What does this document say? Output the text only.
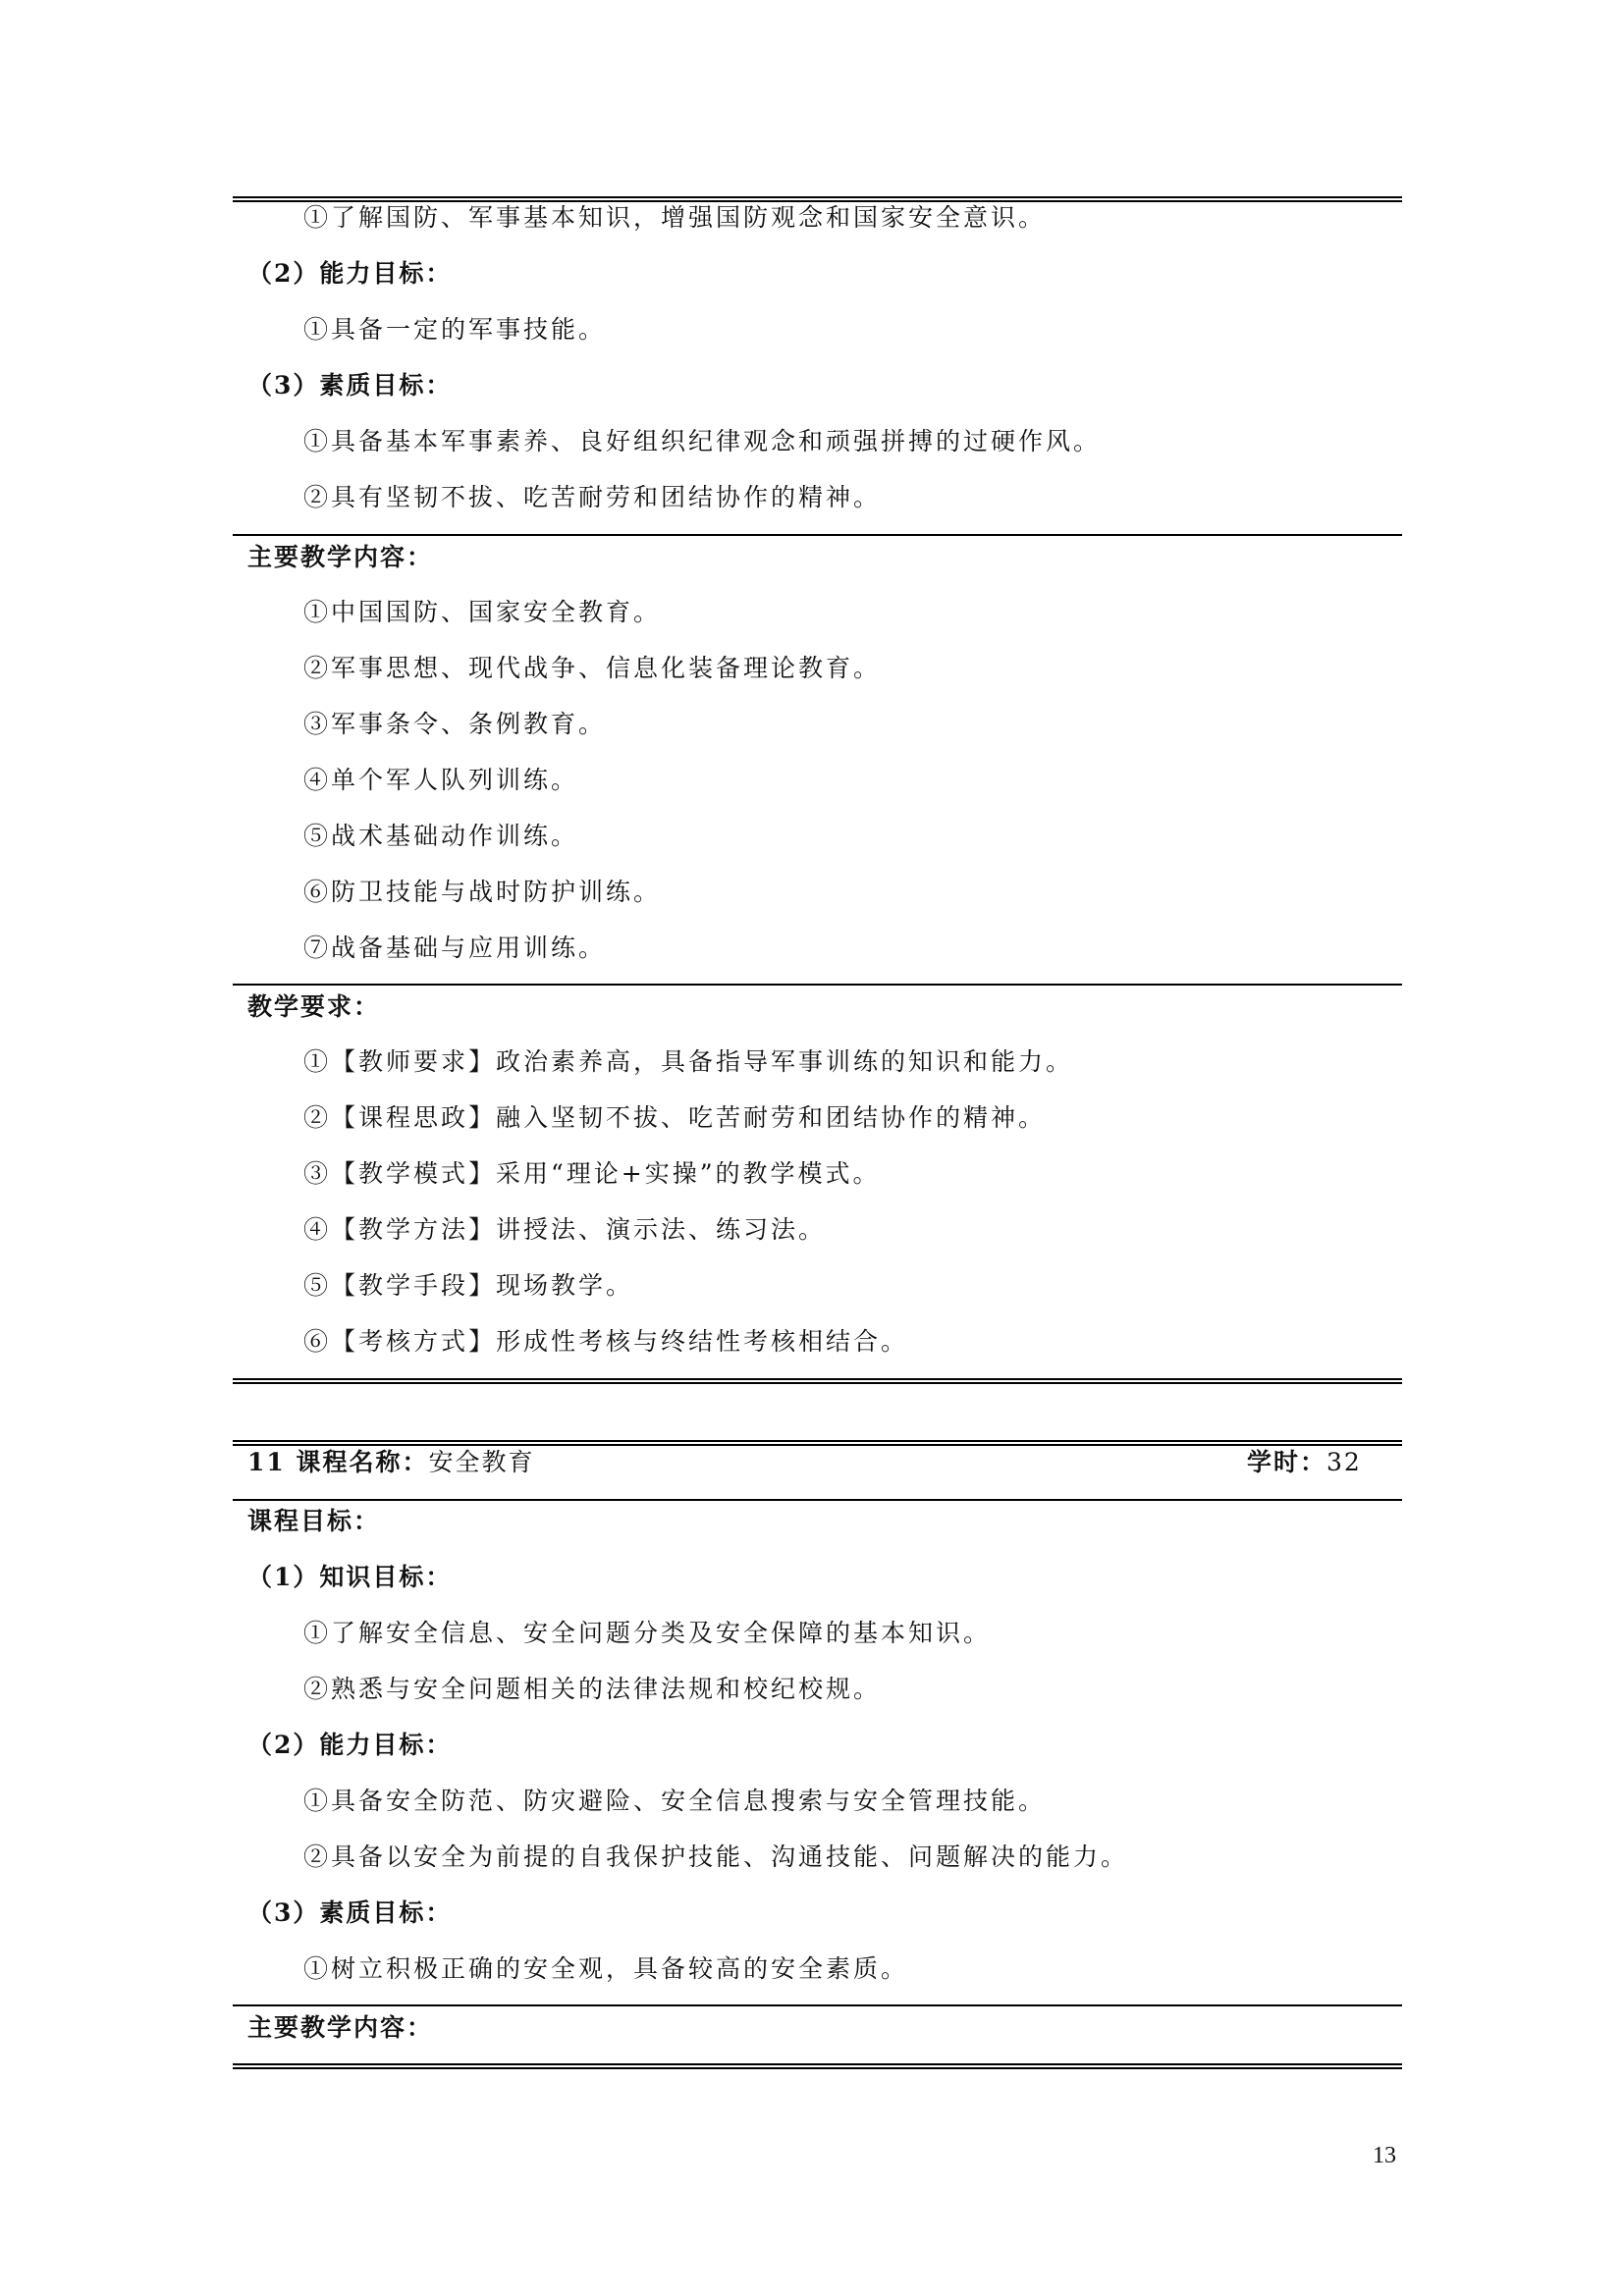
①了解国防、军事基本知识，增强国防观念和国家安全意识。
（2）能力目标：
①具备一定的军事技能。
（3）素质目标：
①具备基本军事素养、良好组织纪律观念和顽强拼搏的过硬作风。
②具有坚韧不拔、吃苦耐劳和团结协作的精神。
主要教学内容：
①中国国防、国家安全教育。
②军事思想、现代战争、信息化装备理论教育。
③军事条令、条例教育。
④单个军人队列训练。
⑤战术基础动作训练。
⑥防卫技能与战时防护训练。
⑦战备基础与应用训练。
教学要求：
①【教师要求】政治素养高，具备指导军事训练的知识和能力。
②【课程思政】融入坚韧不拔、吃苦耐劳和团结协作的精神。
③【教学模式】采用“理论+实操”的教学模式。
④【教学方法】讲授法、演示法、练习法。
⑤【教学手段】现场教学。
⑥【考核方式】形成性考核与终结性考核相结合。
11 课程名称：安全教育	学时：32
课程目标：
（1）知识目标：
①了解安全信息、安全问题分类及安全保障的基本知识。
②熟悉与安全问题相关的法律法规和校纪校规。
（2）能力目标：
①具备安全防范、防灾避险、安全信息搜索与安全管理技能。
②具备以安全为前提的自我保护技能、沟通技能、问题解决的能力。
（3）素质目标：
①树立积极正确的安全观，具备较高的安全素质。
主要教学内容：
13
